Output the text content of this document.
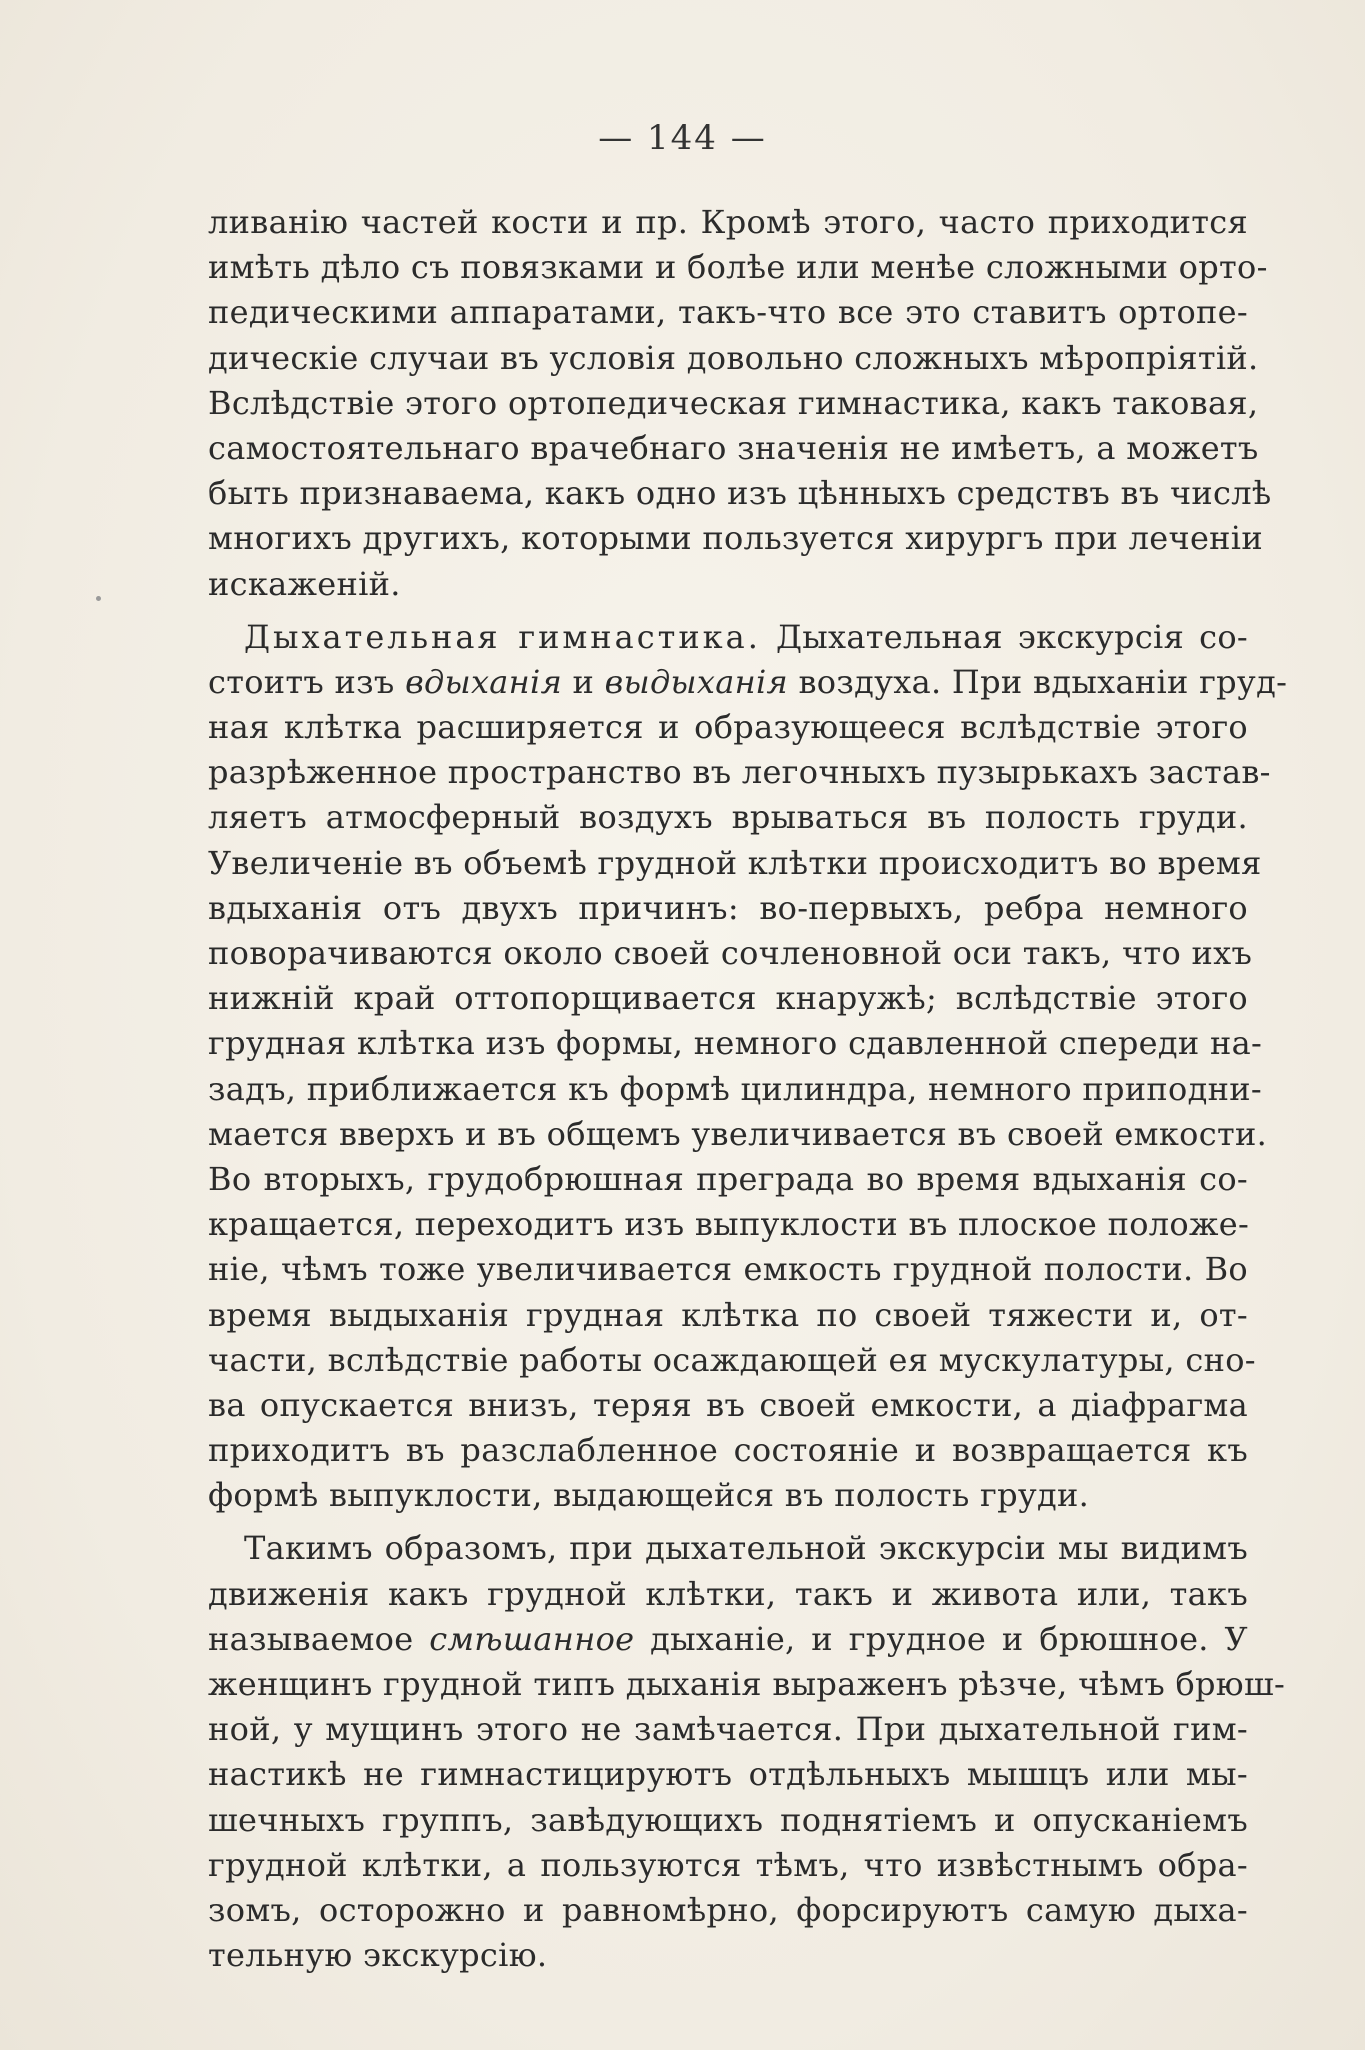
— 144 —
ливанію частей кости и пр. Кромѣ этого, часто приходится
имѣть дѣло съ повязками и болѣе или менѣе сложными орто-
педическими аппаратами, такъ-что все это ставитъ ортопе-
дическіе случаи въ условія довольно сложныхъ мѣропріятій.
Вслѣдствіе этого ортопедическая гимнастика, какъ таковая,
самостоятельнаго врачебнаго значенія не имѣетъ, а можетъ
быть признаваема, какъ одно изъ цѣнныхъ средствъ въ числѣ
многихъ другихъ, которыми пользуется хирургъ при леченіи
искаженій.
Дыхательная гимнастика. Дыхательная экскурсія со-
стоитъ изъ вдыханія и выдыханія воздуха. При вдыханіи груд-
ная клѣтка расширяется и образующееся вслѣдствіе этого
разрѣженное пространство въ легочныхъ пузырькахъ застав-
ляетъ атмосферный воздухъ врываться въ полость груди.
Увеличеніе въ объемѣ грудной клѣтки происходитъ во время
вдыханія отъ двухъ причинъ: во-первыхъ, ребра немного
поворачиваются около своей сочленовной оси такъ, что ихъ
нижній край оттопорщивается кнаружѣ; вслѣдствіе этого
грудная клѣтка изъ формы, немного сдавленной спереди на-
задъ, приближается къ формѣ цилиндра, немного приподни-
мается вверхъ и въ общемъ увеличивается въ своей емкости.
Во вторыхъ, грудобрюшная преграда во время вдыханія со-
кращается, переходитъ изъ выпуклости въ плоское положе-
ніе, чѣмъ тоже увеличивается емкость грудной полости. Во
время выдыханія грудная клѣтка по своей тяжести и, от-
части, вслѣдствіе работы осаждающей ея мускулатуры, сно-
ва опускается внизъ, теряя въ своей емкости, а діафрагма
приходитъ въ разслабленное состояніе и возвращается къ
формѣ выпуклости, выдающейся въ полость груди.
Такимъ образомъ, при дыхательной экскурсіи мы видимъ
движенія какъ грудной клѣтки, такъ и живота или, такъ
называемое смѣшанное дыханіе, и грудное и брюшное. У
женщинъ грудной типъ дыханія выраженъ рѣзче, чѣмъ брюш-
ной, у мущинъ этого не замѣчается. При дыхательной гим-
настикѣ не гимнастицируютъ отдѣльныхъ мышцъ или мы-
шечныхъ группъ, завѣдующихъ поднятіемъ и опусканіемъ
грудной клѣтки, а пользуются тѣмъ, что извѣстнымъ обра-
зомъ, осторожно и равномѣрно, форсируютъ самую дыха-
тельную экскурсію.
